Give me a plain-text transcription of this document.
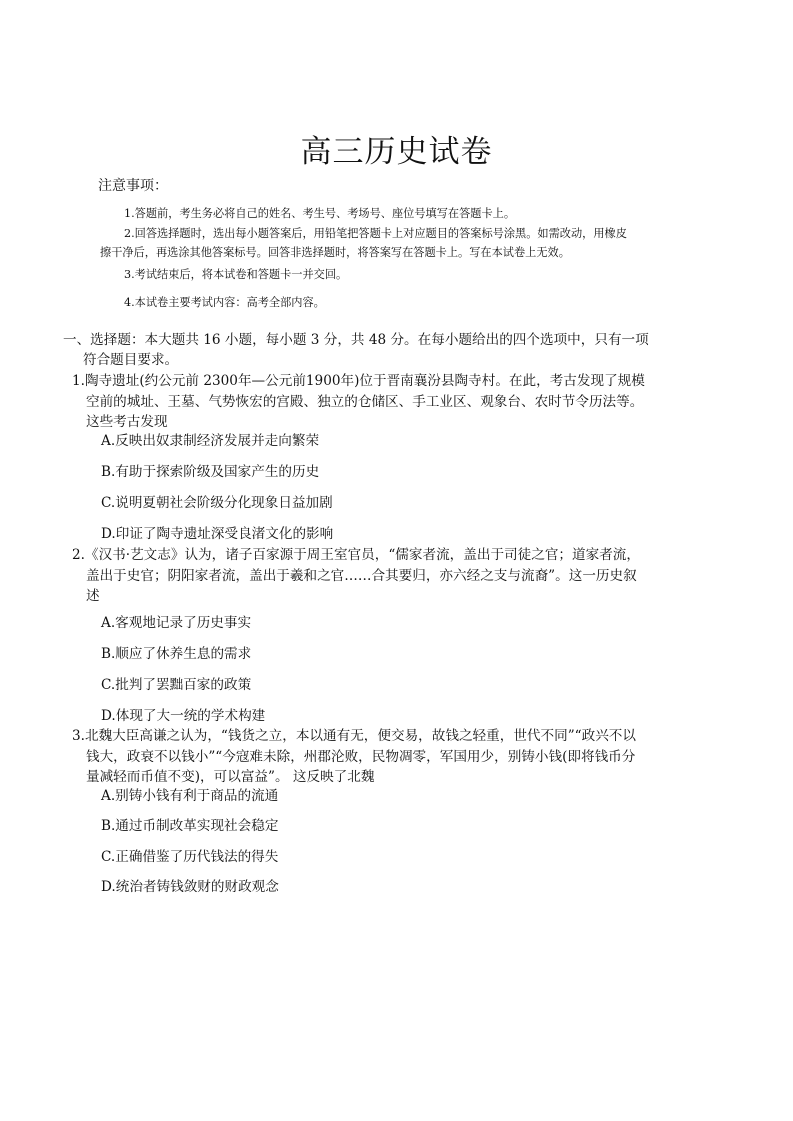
高三历史试卷
注意事项：
1.答题前，考生务必将自己的姓名、考生号、考场号、座位号填写在答题卡上。
2.回答选择题时，选出每小题答案后，用铅笔把答题卡上对应题目的答案标号涂黑。如需改动，用橡皮
擦干净后，再选涂其他答案标号。回答非选择题时，将答案写在答题卡上。写在本试卷上无效。
3.考试结束后，将本试卷和答题卡一并交回。
4.本试卷主要考试内容：高考全部内容。
一、选择题：本大题共 16 小题，每小题 3 分，共 48 分。在每小题给出的四个选项中，只有一项
符合题目要求。
1.陶寺遗址(约公元前 2300年—公元前1900年)位于晋南襄汾县陶寺村。在此，考古发现了规模
空前的城址、王墓、气势恢宏的宫殿、独立的仓储区、手工业区、观象台、农时节令历法等。
这些考古发现
A.反映出奴隶制经济发展并走向繁荣
B.有助于探索阶级及国家产生的历史
C.说明夏朝社会阶级分化现象日益加剧
D.印证了陶寺遗址深受良渚文化的影响
2.《汉书·艺文志》认为，诸子百家源于周王室官员，“儒家者流，盖出于司徒之官；道家者流，
盖出于史官；阴阳家者流，盖出于羲和之官……合其要归，亦六经之支与流裔”。这一历史叙
述
A.客观地记录了历史事实
B.顺应了休养生息的需求
C.批判了罢黜百家的政策
D.体现了大一统的学术构建
3.北魏大臣高谦之认为，“钱货之立，本以通有无，便交易，故钱之轻重，世代不同”“政兴不以
钱大，政衰不以钱小”“今寇难未除，州郡沦败，民物凋零，军国用少，别铸小钱(即将钱币分
量减轻而币值不变)，可以富益”。 这反映了北魏
A.别铸小钱有利于商品的流通
B.通过币制改革实现社会稳定
C.正确借鉴了历代钱法的得失
D.统治者铸钱敛财的财政观念
